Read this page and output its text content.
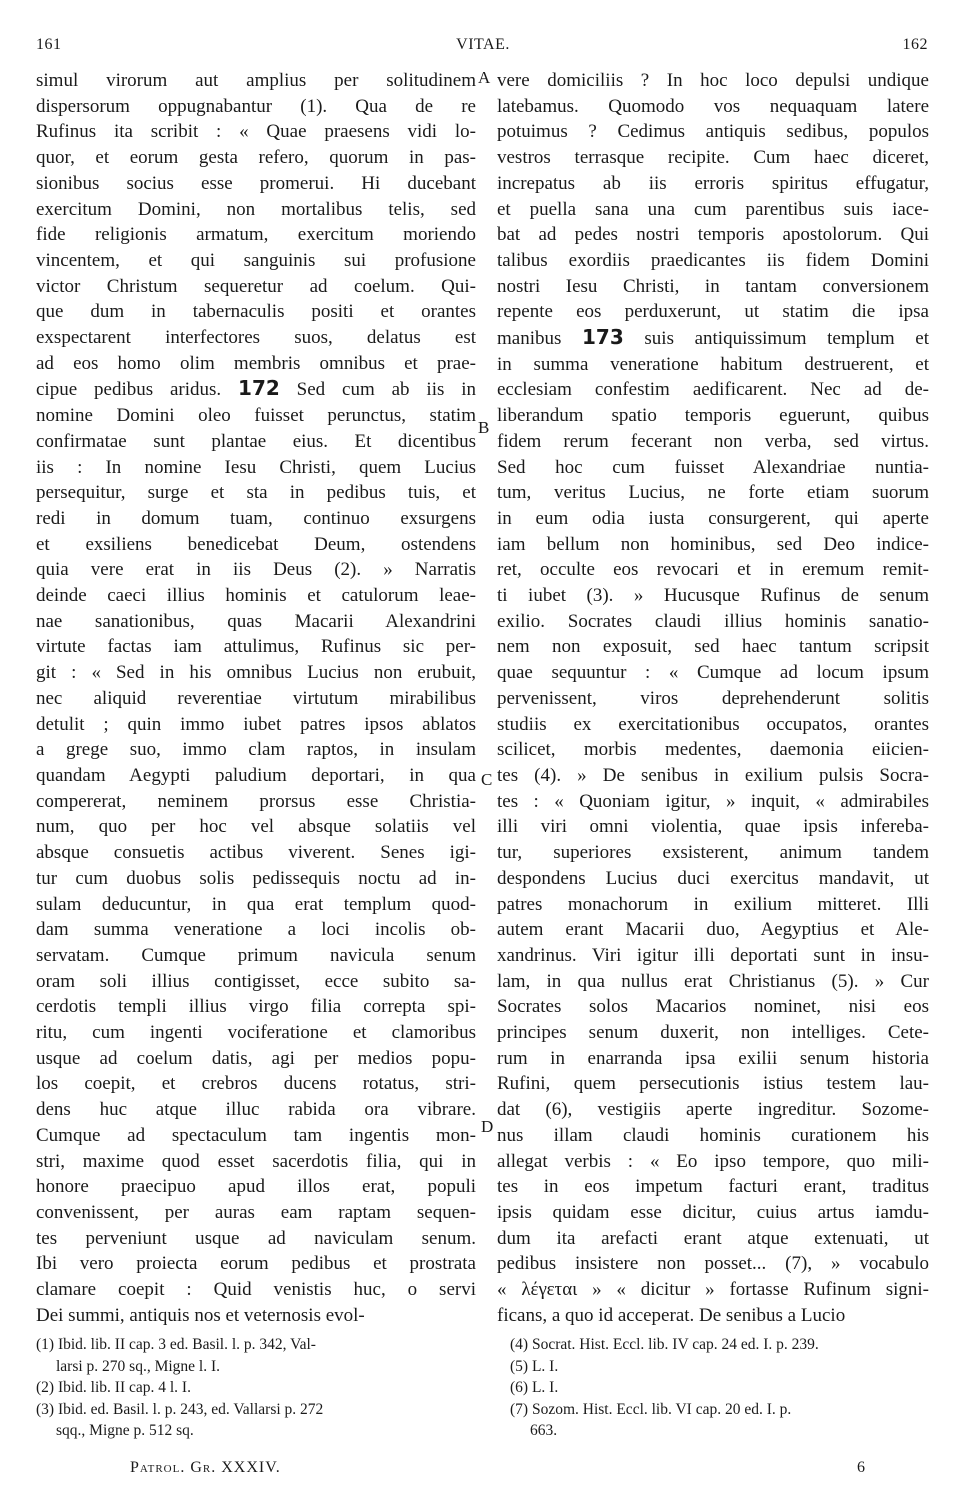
161	VITAE.	162
simul virorum aut amplius per solitudinem
dispersorum oppugnabantur (1). Qua de re
Rufinus ita scribit : « Quae praesens vidi lo-
quor, et eorum gesta refero, quorum in pas-
sionibus socius esse promerui. Hi ducebant
exercitum Domini, non mortalibus telis, sed
fide religionis armatum, exercitum moriendo
vincentem, et qui sanguinis sui profusione
victor Christum sequeretur ad coelum. Qui-
que dum in tabernaculis positi et orantes
exspectarent interfectores suos, delatus est
ad eos homo olim membris omnibus et prae-
cipue pedibus aridus. 172 Sed cum ab iis in
nomine Domini oleo fuisset perunctus, statim
confirmatae sunt plantae eius. Et dicentibus
iis : In nomine Iesu Christi, quem Lucius
persequitur, surge et sta in pedibus tuis, et
redi in domum tuam, continuo exsurgens
et exsiliens benedicebat Deum, ostendens
quia vere erat in iis Deus (2). » Narratis
deinde caeci illius hominis et catulorum leae-
nae sanationibus, quas Macarii Alexandrini
virtute factas iam attulimus, Rufinus sic per-
git : « Sed in his omnibus Lucius non erubuit,
nec aliquid reverentiae virtutum mirabilibus
detulit ; quin immo iubet patres ipsos ablatos
a grege suo, immo clam raptos, in insulam
quandam Aegypti paludium deportari, in qua
compererat, neminem prorsus esse Christia-
num, quo per hoc vel absque solatiis vel
absque consuetis actibus viverent. Senes igi-
tur cum duobus solis pedissequis noctu ad in-
sulam deducuntur, in qua erat templum quod-
dam summa veneratione a loci incolis ob-
servatam. Cumque primum navicula senum
oram soli illius contigisset, ecce subito sa-
cerdotis templi illius virgo filia correpta spi-
ritu, cum ingenti vociferatione et clamoribus
usque ad coelum datis, agi per medios popu-
los coepit, et crebros ducens rotatus, stri-
dens huc atque illuc rabida ora vibrare.
Cumque ad spectaculum tam ingentis mon-
stri, maxime quod esset sacerdotis filia, qui in
honore praecipuo apud illos erat, populi
convenissent, per auras eam raptam sequen-
tes perveniunt usque ad naviculam senum.
Ibi vero proiecta eorum pedibus et prostrata
clamare coepit : Quid venistis huc, o servi
Dei summi, antiquis nos et veternosis evol-
vere domiciliis ? In hoc loco depulsi undique
latebamus. Quomodo vos nequaquam latere
potuimus ? Cedimus antiquis sedibus, populos
vestros terrasque recipite. Cum haec diceret,
increpatus ab iis erroris spiritus effugatur,
et puella sana una cum parentibus suis iace-
bat ad pedes nostri temporis apostolorum. Qui
talibus exordiis praedicantes iis fidem Domini
nostri Iesu Christi, in tantam conversionem
repente eos perduxerunt, ut statim die ipsa
manibus 173 suis antiquissimum templum et
in summa veneratione habitum destruerent, et
ecclesiam confestim aedificarent. Nec ad de-
liberandum spatio temporis eguerunt, quibus
fidem rerum fecerant non verba, sed virtus.
Sed hoc cum fuisset Alexandriae nuntia-
tum, veritus Lucius, ne forte etiam suorum
in eum odia iusta consurgerent, qui aperte
iam bellum non hominibus, sed Deo indice-
ret, occulte eos revocari et in eremum remit-
ti iubet (3). » Hucusque Rufinus de senum
exilio. Socrates claudi illius hominis sanatio-
nem non exposuit, sed haec tantum scripsit
quae sequuntur : « Cumque ad locum ipsum
pervenissent, viros deprehenderunt solitis
studiis ex exercitationibus occupatos, orantes
scilicet, morbis medentes, daemonia eiicien-
tes (4). » De senibus in exilium pulsis Socra-
tes : « Quoniam igitur, » inquit, « admirabiles
illi viri omni violentia, quae ipsis infereba-
tur, superiores exsisterent, animum tandem
despondens Lucius duci exercitus mandavit, ut
patres monachorum in exilium mitteret. Illi
autem erant Macarii duo, Aegyptius et Ale-
xandrinus. Viri igitur illi deportati sunt in insu-
lam, in qua nullus erat Christianus (5). » Cur
Socrates solos Macarios nominet, nisi eos
principes senum duxerit, non intelliges. Cete-
rum in enarranda ipsa exilii senum historia
Rufini, quem persecutionis istius testem lau-
dat (6), vestigiis aperte ingreditur. Sozome-
nus illam claudi hominis curationem his
allegat verbis : « Eo ipso tempore, quo mili-
tes in eos impetum facturi erant, traditus
ipsis quidam esse dicitur, cuius artus iamdu-
dum ita arefacti erant atque extenuati, ut
pedibus insistere non posset... (7), » vocabulo
« λέγεται » « dicitur » fortasse Rufinum signi-
ficans, a quo id acceperat. De senibus a Lucio
A
B
C
D
(1) Ibid. lib. II cap. 3 ed. Basil. l. p. 342, Val-
larsi p. 270 sq., Migne l. I.
(2) Ibid. lib. II cap. 4 l. I.
(3) Ibid. ed. Basil. l. p. 243, ed. Vallarsi p. 272
sqq., Migne p. 512 sq.
(4) Socrat. Hist. Eccl. lib. IV cap. 24 ed. I. p. 239.
(5) L. I.
(6) L. I.
(7) Sozom. Hist. Eccl. lib. VI cap. 20 ed. I. p.
663.
Patrol. Gr. XXXIV.	6
